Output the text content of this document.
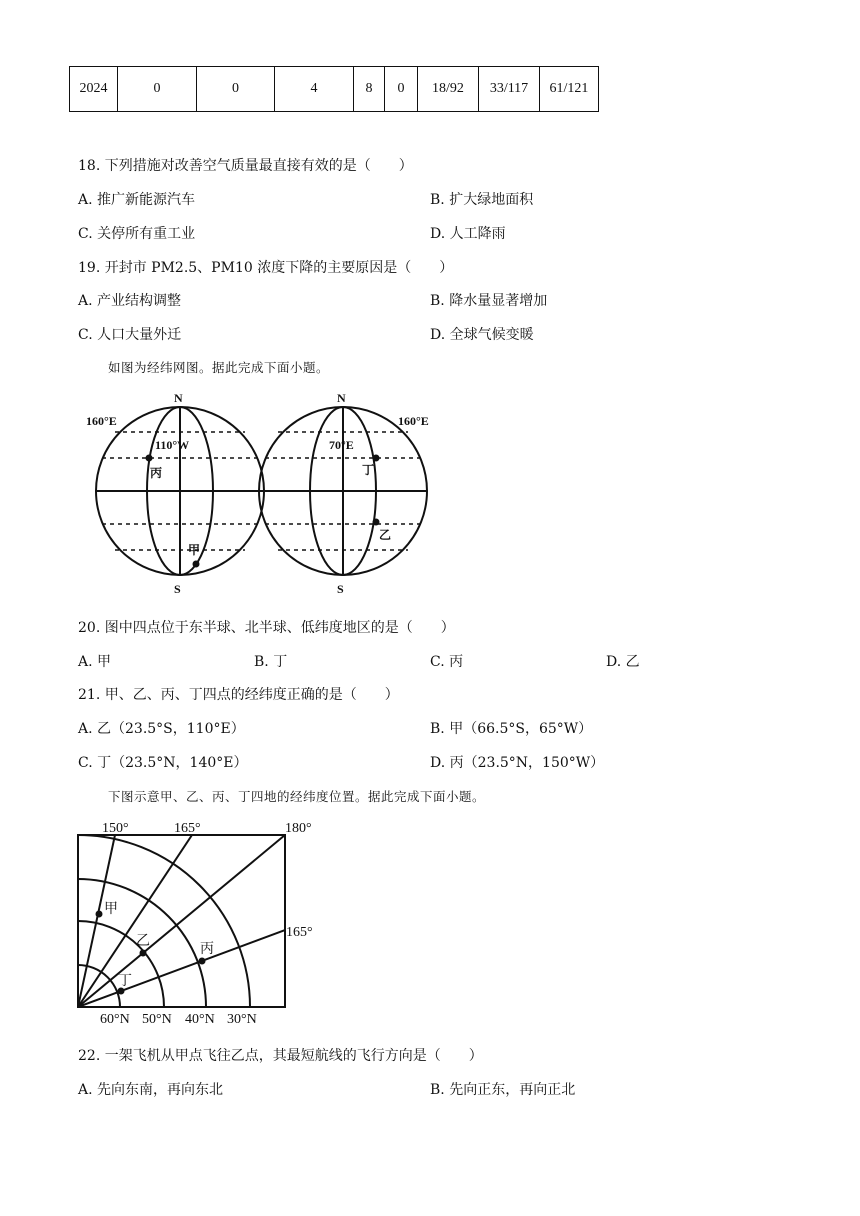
2024	0	0	4	8	0	18/92	33/117	61/121
18. 下列措施对改善空气质量最直接有效的是（　　）
A. 推广新能源汽车	B. 扩大绿地面积
C. 关停所有重工业	D. 人工降雨
19. 开封市 PM2.5、PM10 浓度下降的主要原因是（　　）
A. 产业结构调整	B. 降水量显著增加
C. 人口大量外迁	D. 全球气候变暖
如图为经纬网图。据此完成下面小题。
N
S
160°E
110°W
丙
甲
N
S
160°E
70°E
丁
乙
20. 图中四点位于东半球、北半球、低纬度地区的是（　　）
A. 甲	B. 丁	C. 丙	D. 乙
21. 甲、乙、丙、丁四点的经纬度正确的是（　　）
A. 乙（23.5°S，110°E）	B. 甲（66.5°S，65°W）
C. 丁（23.5°N，140°E）	D. 丙（23.5°N，150°W）
下图示意甲、乙、丙、丁四地的经纬度位置。据此完成下面小题。
150°	165°	180°
165°
60°N 50°N 40°N 30°N
甲
乙
丙
丁
22. 一架飞机从甲点飞往乙点，其最短航线的飞行方向是（　　）
A. 先向东南，再向东北	B. 先向正东，再向正北
